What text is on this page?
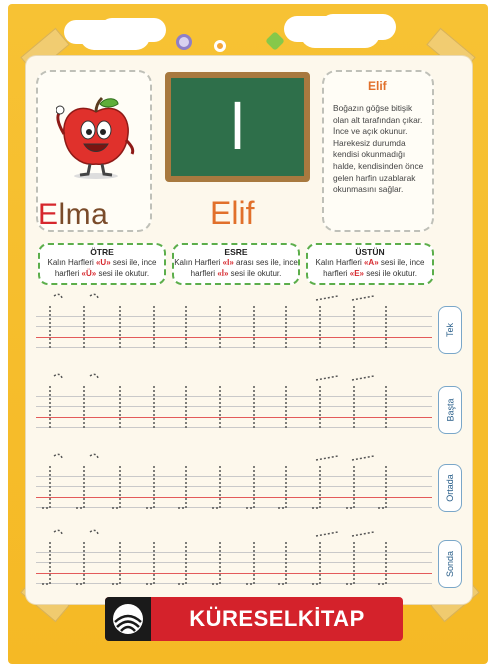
Elma
ا
Elif
Elif
Boğazın göğse bitişik olan alt tarafından çıkar. İnce ve açık okunur. Harekesiz durumda kendisi okunmadığı halde, kendisinden önce gelen harfin uzablarak okunmasını sağlar.
ÖTRE
Kalın Harfleri «U» sesi ile, ince harfleri «Ü» sesi ile okutur.
ESRE
Kalın Harfleri «I» arası ses ile, ince harfleri «İ» sesi ile okutur.
ÜSTÜN
Kalın Harfleri «A» sesi ile, ince harfleri «E» sesi ile okutur.
Tek
Başta
Ortada
Sonda
KÜRESELKİTAP
